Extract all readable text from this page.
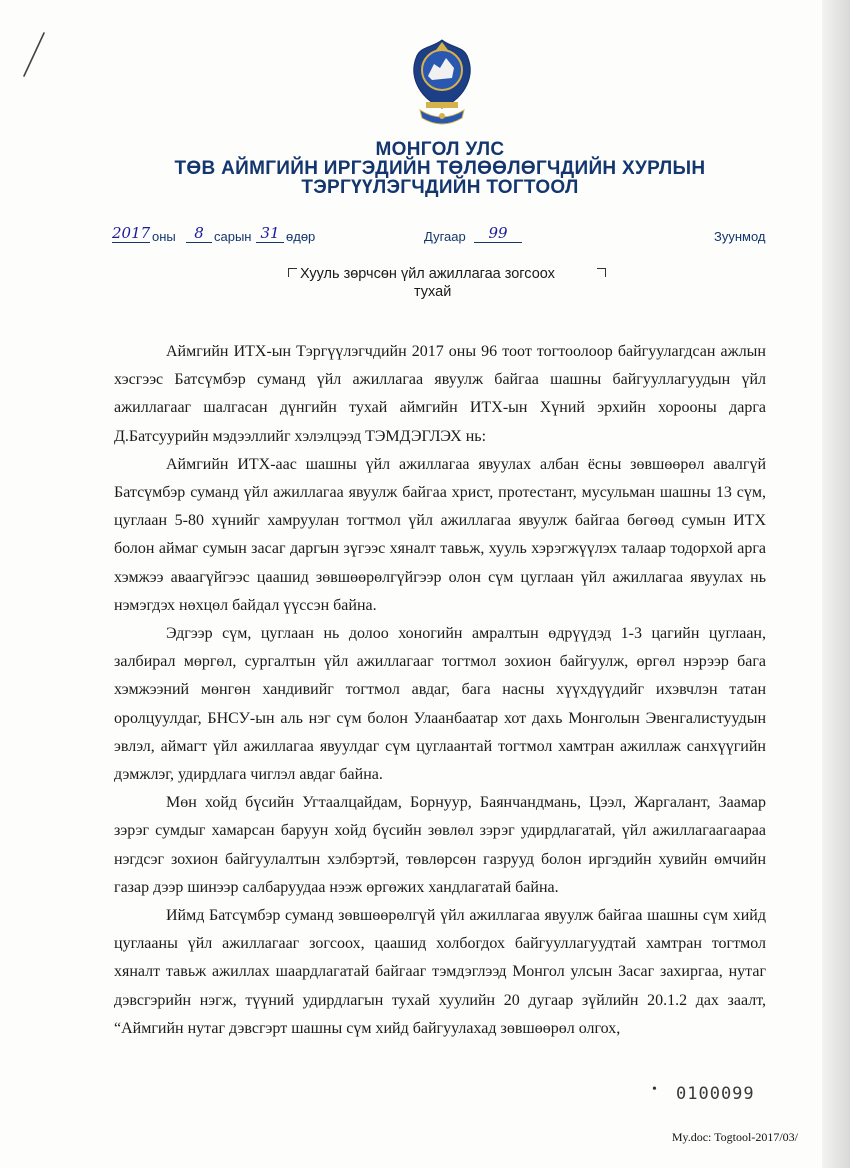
МОНГОЛ УЛС
ТӨВ АЙМГИЙН ИРГЭДИЙН ТӨЛӨӨЛӨГЧДИЙН ХУРЛЫН
ТЭРГҮҮЛЭГЧДИЙН ТОГТООЛ
2017 оны	8 сарын 31 өдөр	Дугаар	99	Зуунмод
Хууль зөрчсөн үйл ажиллагаа зогсоох
тухай

Аймгийн ИТХ-ын Тэргүүлэгчдийн 2017 оны 96 тоот тогтоолоор байгуулагдсан ажлын хэсгээс Батсүмбэр суманд үйл ажиллагаа явуулж байгаа шашны байгууллагуудын үйл ажиллагааг шалгасан дүнгийн тухай аймгийн ИТХ-ын Хүний эрхийн хорооны дарга Д.Батсуурийн мэдээллийг хэлэлцээд ТЭМДЭГЛЭХ нь:

Аймгийн ИТХ-аас шашны үйл ажиллагаа явуулах албан ёсны зөвшөөрөл авалгүй Батсүмбэр суманд үйл ажиллагаа явуулж байгаа христ, протестант, мусульман шашны 13 сүм, цуглаан 5-80 хүнийг хамруулан тогтмол үйл ажиллагаа явуулж байгаа бөгөөд сумын ИТХ болон аймаг сумын засаг даргын зүгээс хяналт тавьж, хууль хэрэгжүүлэх талаар тодорхой арга хэмжээ аваагүйгээс цаашид зөвшөөрөлгүйгээр олон сүм цуглаан үйл ажиллагаа явуулах нь нэмэгдэх нөхцөл байдал үүссэн байна.

Эдгээр сүм, цуглаан нь долоо хоногийн амралтын өдрүүдэд 1-3 цагийн цуглаан, залбирал мөргөл, сургалтын үйл ажиллагааг тогтмол зохион байгуулж, өргөл нэрээр бага хэмжээний мөнгөн хандивийг тогтмол авдаг, бага насны хүүхдүүдийг ихэвчлэн татан оролцуулдаг, БНСУ-ын аль нэг сүм болон Улаанбаатар хот дахь Монголын Эвенгалистуудын эвлэл, аймагт үйл ажиллагаа явуулдаг сүм цуглаантай тогтмол хамтран ажиллаж санхүүгийн дэмжлэг, удирдлага чиглэл авдаг байна.

Мөн хойд бүсийн Угтаалцайдам, Борнуур, Баянчандмань, Цээл, Жаргалант, Заамар зэрэг сумдыг хамарсан баруун хойд бүсийн зөвлөл зэрэг удирдлагатай, үйл ажиллагаагаараа нэгдсэг зохион байгуулалтын хэлбэртэй, төвлөрсөн газрууд болон иргэдийн хувийн өмчийн газар дээр шинээр салбаруудаа нээж өргөжих хандлагатай байна.

Иймд Батсүмбэр суманд зөвшөөрөлгүй үйл ажиллагаа явуулж байгаа шашны сүм хийд цуглааны үйл ажиллагааг зогсоох, цаашид холбогдох байгууллагуудтай хамтран тогтмол хяналт тавьж ажиллах шаардлагатай байгааг тэмдэглээд Монгол улсын Засаг захиргаа, нутаг дэвсгэрийн нэгж, түүний удирдлагын тухай хуулийн 20 дугаар зүйлийн 20.1.2 дах заалт, “Аймгийн нутаг дэвсгэрт шашны сүм хийд байгуулахад зөвшөөрөл олгох,

• 0100099
My.doc: Togtool-2017/03/
